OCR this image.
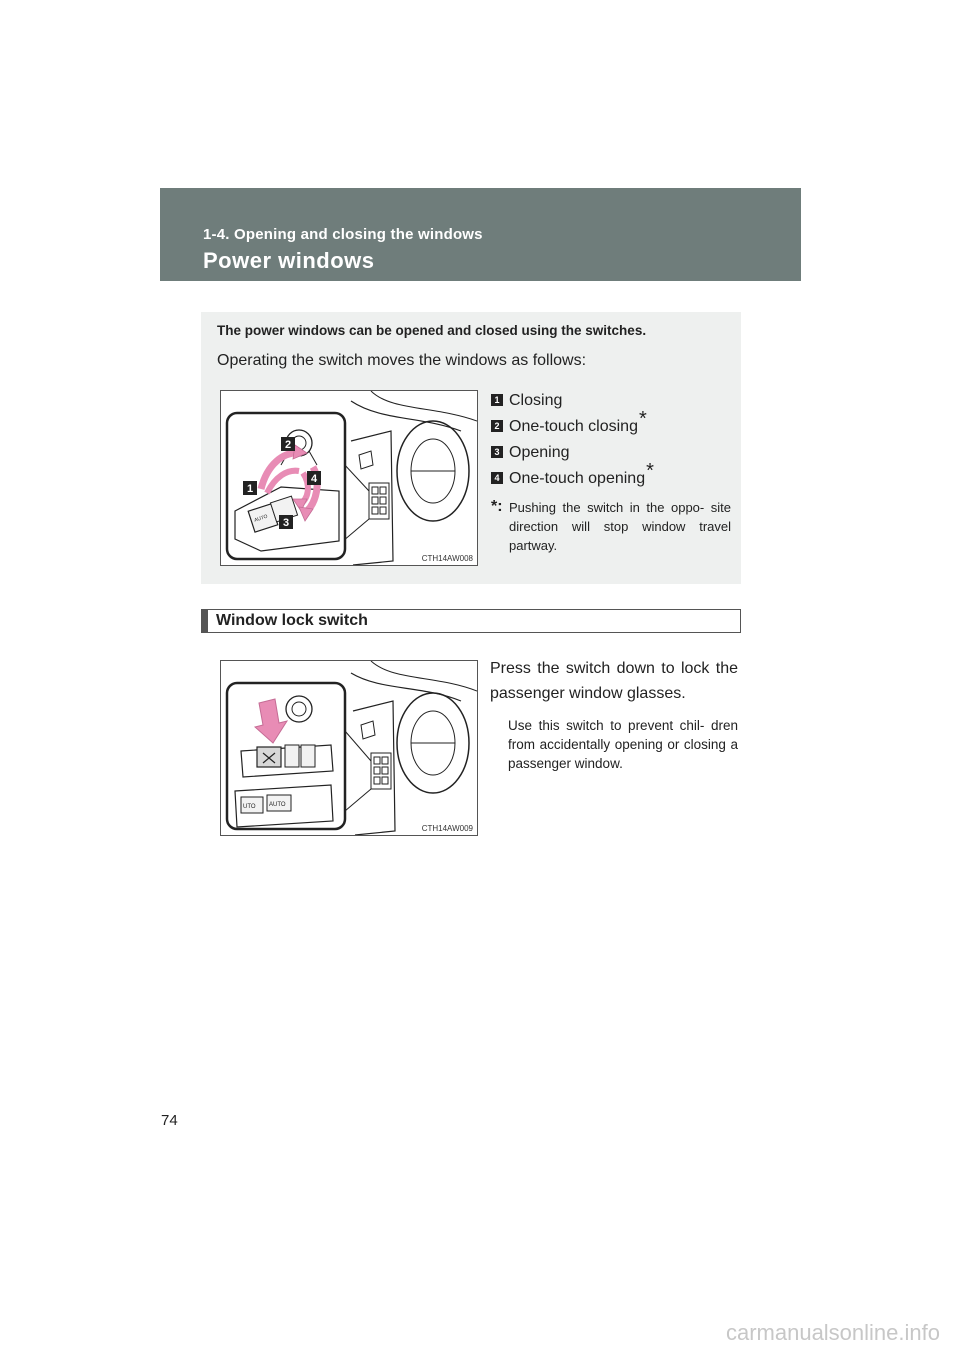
1-4. Opening and closing the windows
Power windows
The power windows can be opened and closed using the switches.
Operating the switch moves the windows as follows:
AUTO
1
2
3
4
CTH14AW008
1 Closing
2 One-touch closing*
3 Opening
4 One-touch opening*
*: Pushing the switch in the oppo- site direction will stop window travel partway.
Window lock switch
UTO AUTO
CTH14AW009
Press the switch down to lock the passenger window glasses.
Use this switch to prevent chil- dren from accidentally opening or closing a passenger window.
74
carmanualsonline.info
